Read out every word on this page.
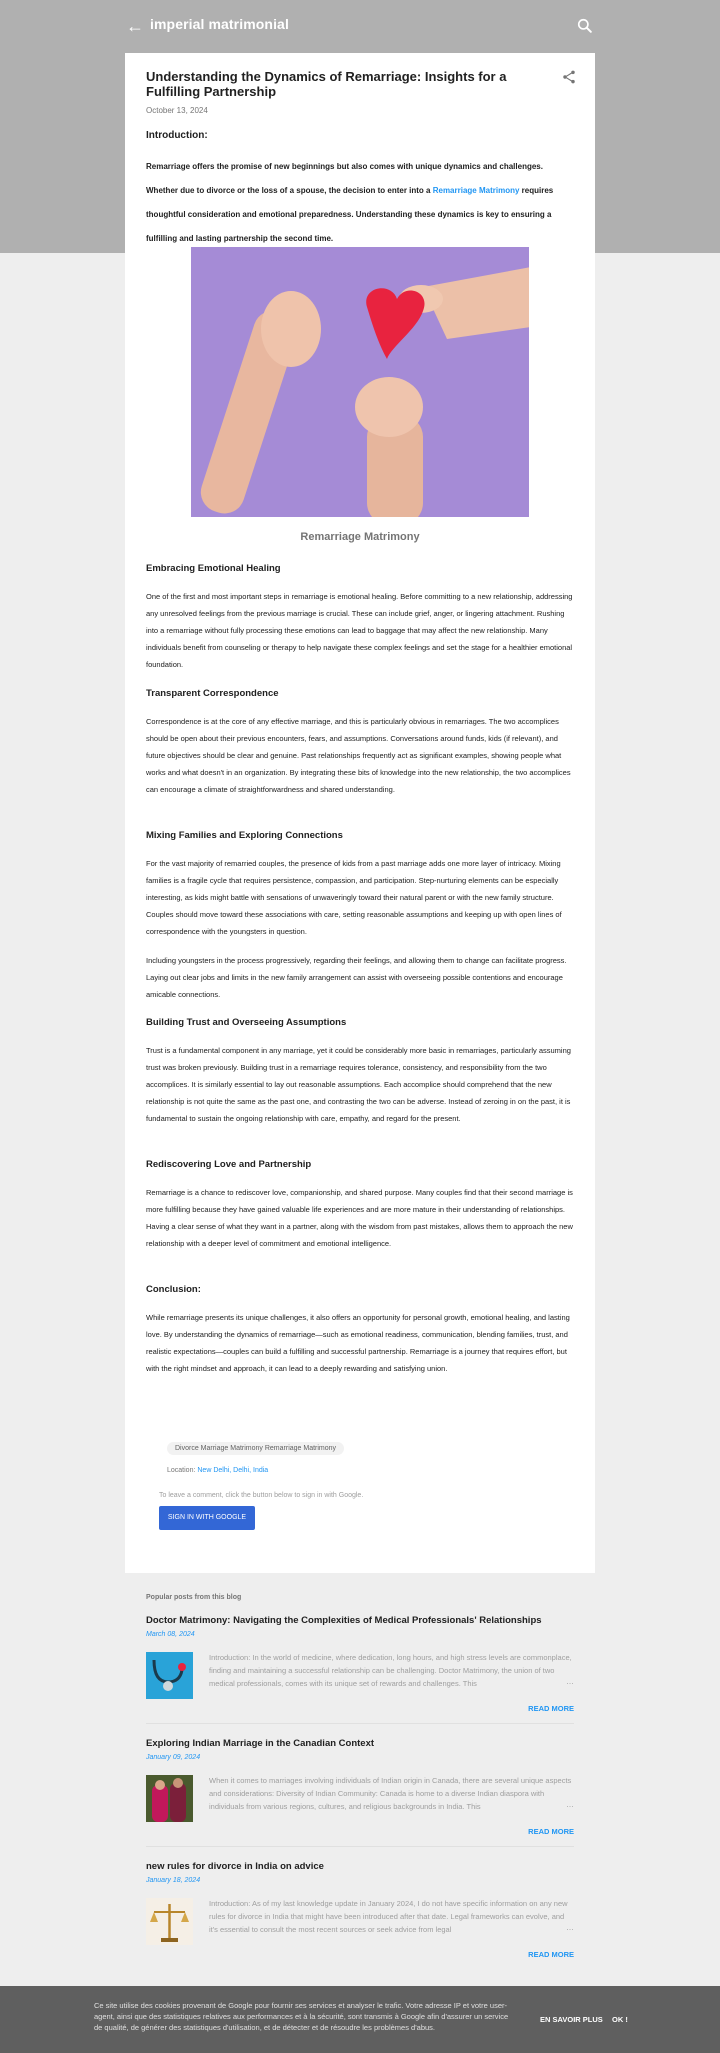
← imperial matrimonial
Understanding the Dynamics of Remarriage: Insights for a Fulfilling Partnership
October 13, 2024
Introduction:
Remarriage offers the promise of new beginnings but also comes with unique dynamics and challenges. Whether due to divorce or the loss of a spouse, the decision to enter into a Remarriage Matrimony requires thoughtful consideration and emotional preparedness. Understanding these dynamics is key to ensuring a fulfilling and lasting partnership the second time.
Remarriage Matrimony
Embracing Emotional Healing
One of the first and most important steps in remarriage is emotional healing. Before committing to a new relationship, addressing any unresolved feelings from the previous marriage is crucial. These can include grief, anger, or lingering attachment. Rushing into a remarriage without fully processing these emotions can lead to baggage that may affect the new relationship. Many individuals benefit from counseling or therapy to help navigate these complex feelings and set the stage for a healthier emotional foundation.
Transparent Correspondence
Correspondence is at the core of any effective marriage, and this is particularly obvious in remarriages. The two accomplices should be open about their previous encounters, fears, and assumptions. Conversations around funds, kids (if relevant), and future objectives should be clear and genuine. Past relationships frequently act as significant examples, showing people what works and what doesn't in an organization. By integrating these bits of knowledge into the new relationship, the two accomplices can encourage a climate of straightforwardness and shared understanding.
Mixing Families and Exploring Connections
For the vast majority of remarried couples, the presence of kids from a past marriage adds one more layer of intricacy. Mixing families is a fragile cycle that requires persistence, compassion, and participation. Step-nurturing elements can be especially interesting, as kids might battle with sensations of unwaveringly toward their natural parent or with the new family structure. Couples should move toward these associations with care, setting reasonable assumptions and keeping up with open lines of correspondence with the youngsters in question.
Including youngsters in the process progressively, regarding their feelings, and allowing them to change can facilitate progress. Laying out clear jobs and limits in the new family arrangement can assist with overseeing possible contentions and encourage amicable connections.
Building Trust and Overseeing Assumptions
Trust is a fundamental component in any marriage, yet it could be considerably more basic in remarriages, particularly assuming trust was broken previously. Building trust in a remarriage requires tolerance, consistency, and responsibility from the two accomplices. It is similarly essential to lay out reasonable assumptions. Each accomplice should comprehend that the new relationship is not quite the same as the past one, and contrasting the two can be adverse. Instead of zeroing in on the past, it is fundamental to sustain the ongoing relationship with care, empathy, and regard for the present.
Rediscovering Love and Partnership
Remarriage is a chance to rediscover love, companionship, and shared purpose. Many couples find that their second marriage is more fulfilling because they have gained valuable life experiences and are more mature in their understanding of relationships. Having a clear sense of what they want in a partner, along with the wisdom from past mistakes, allows them to approach the new relationship with a deeper level of commitment and emotional intelligence.
Conclusion:
While remarriage presents its unique challenges, it also offers an opportunity for personal growth, emotional healing, and lasting love. By understanding the dynamics of remarriage—such as emotional readiness, communication, blending families, trust, and realistic expectations—couples can build a fulfilling and successful partnership. Remarriage is a journey that requires effort, but with the right mindset and approach, it can lead to a deeply rewarding and satisfying union.
Divorce Marriage Matrimony Remarriage Matrimony
Location: New Delhi, Delhi, India
To leave a comment, click the button below to sign in with Google.
SIGN IN WITH GOOGLE
Popular posts from this blog
Doctor Matrimony: Navigating the Complexities of Medical Professionals' Relationships
March 08, 2024
Introduction: In the world of medicine, where dedication, long hours, and high stress levels are commonplace, finding and maintaining a successful relationship can be challenging. Doctor Matrimony, the union of two medical professionals, comes with its unique set of rewards and challenges. This	…
READ MORE
Exploring Indian Marriage in the Canadian Context
January 09, 2024
When it comes to marriages involving individuals of Indian origin in Canada, there are several unique aspects and considerations: Diversity of Indian Community: Canada is home to a diverse Indian diaspora with individuals from various regions, cultures, and religious backgrounds in India. This	…
READ MORE
new rules for divorce in India on advice
January 18, 2024
Introduction: As of my last knowledge update in January 2024, I do not have specific information on any new rules for divorce in India that might have been introduced after that date. Legal frameworks can evolve, and it's essential to consult the most recent sources or seek advice from legal	…
READ MORE
Ce site utilise des cookies provenant de Google pour fournir ses services et analyser le trafic. Votre adresse IP et votre user-agent, ainsi que des statistiques relatives aux performances et à la sécurité, sont transmis à Google afin d'assurer un service de qualité, de générer des statistiques d'utilisation, et de détecter et de résoudre les problèmes d'abus.
EN SAVOIR PLUS OK !
